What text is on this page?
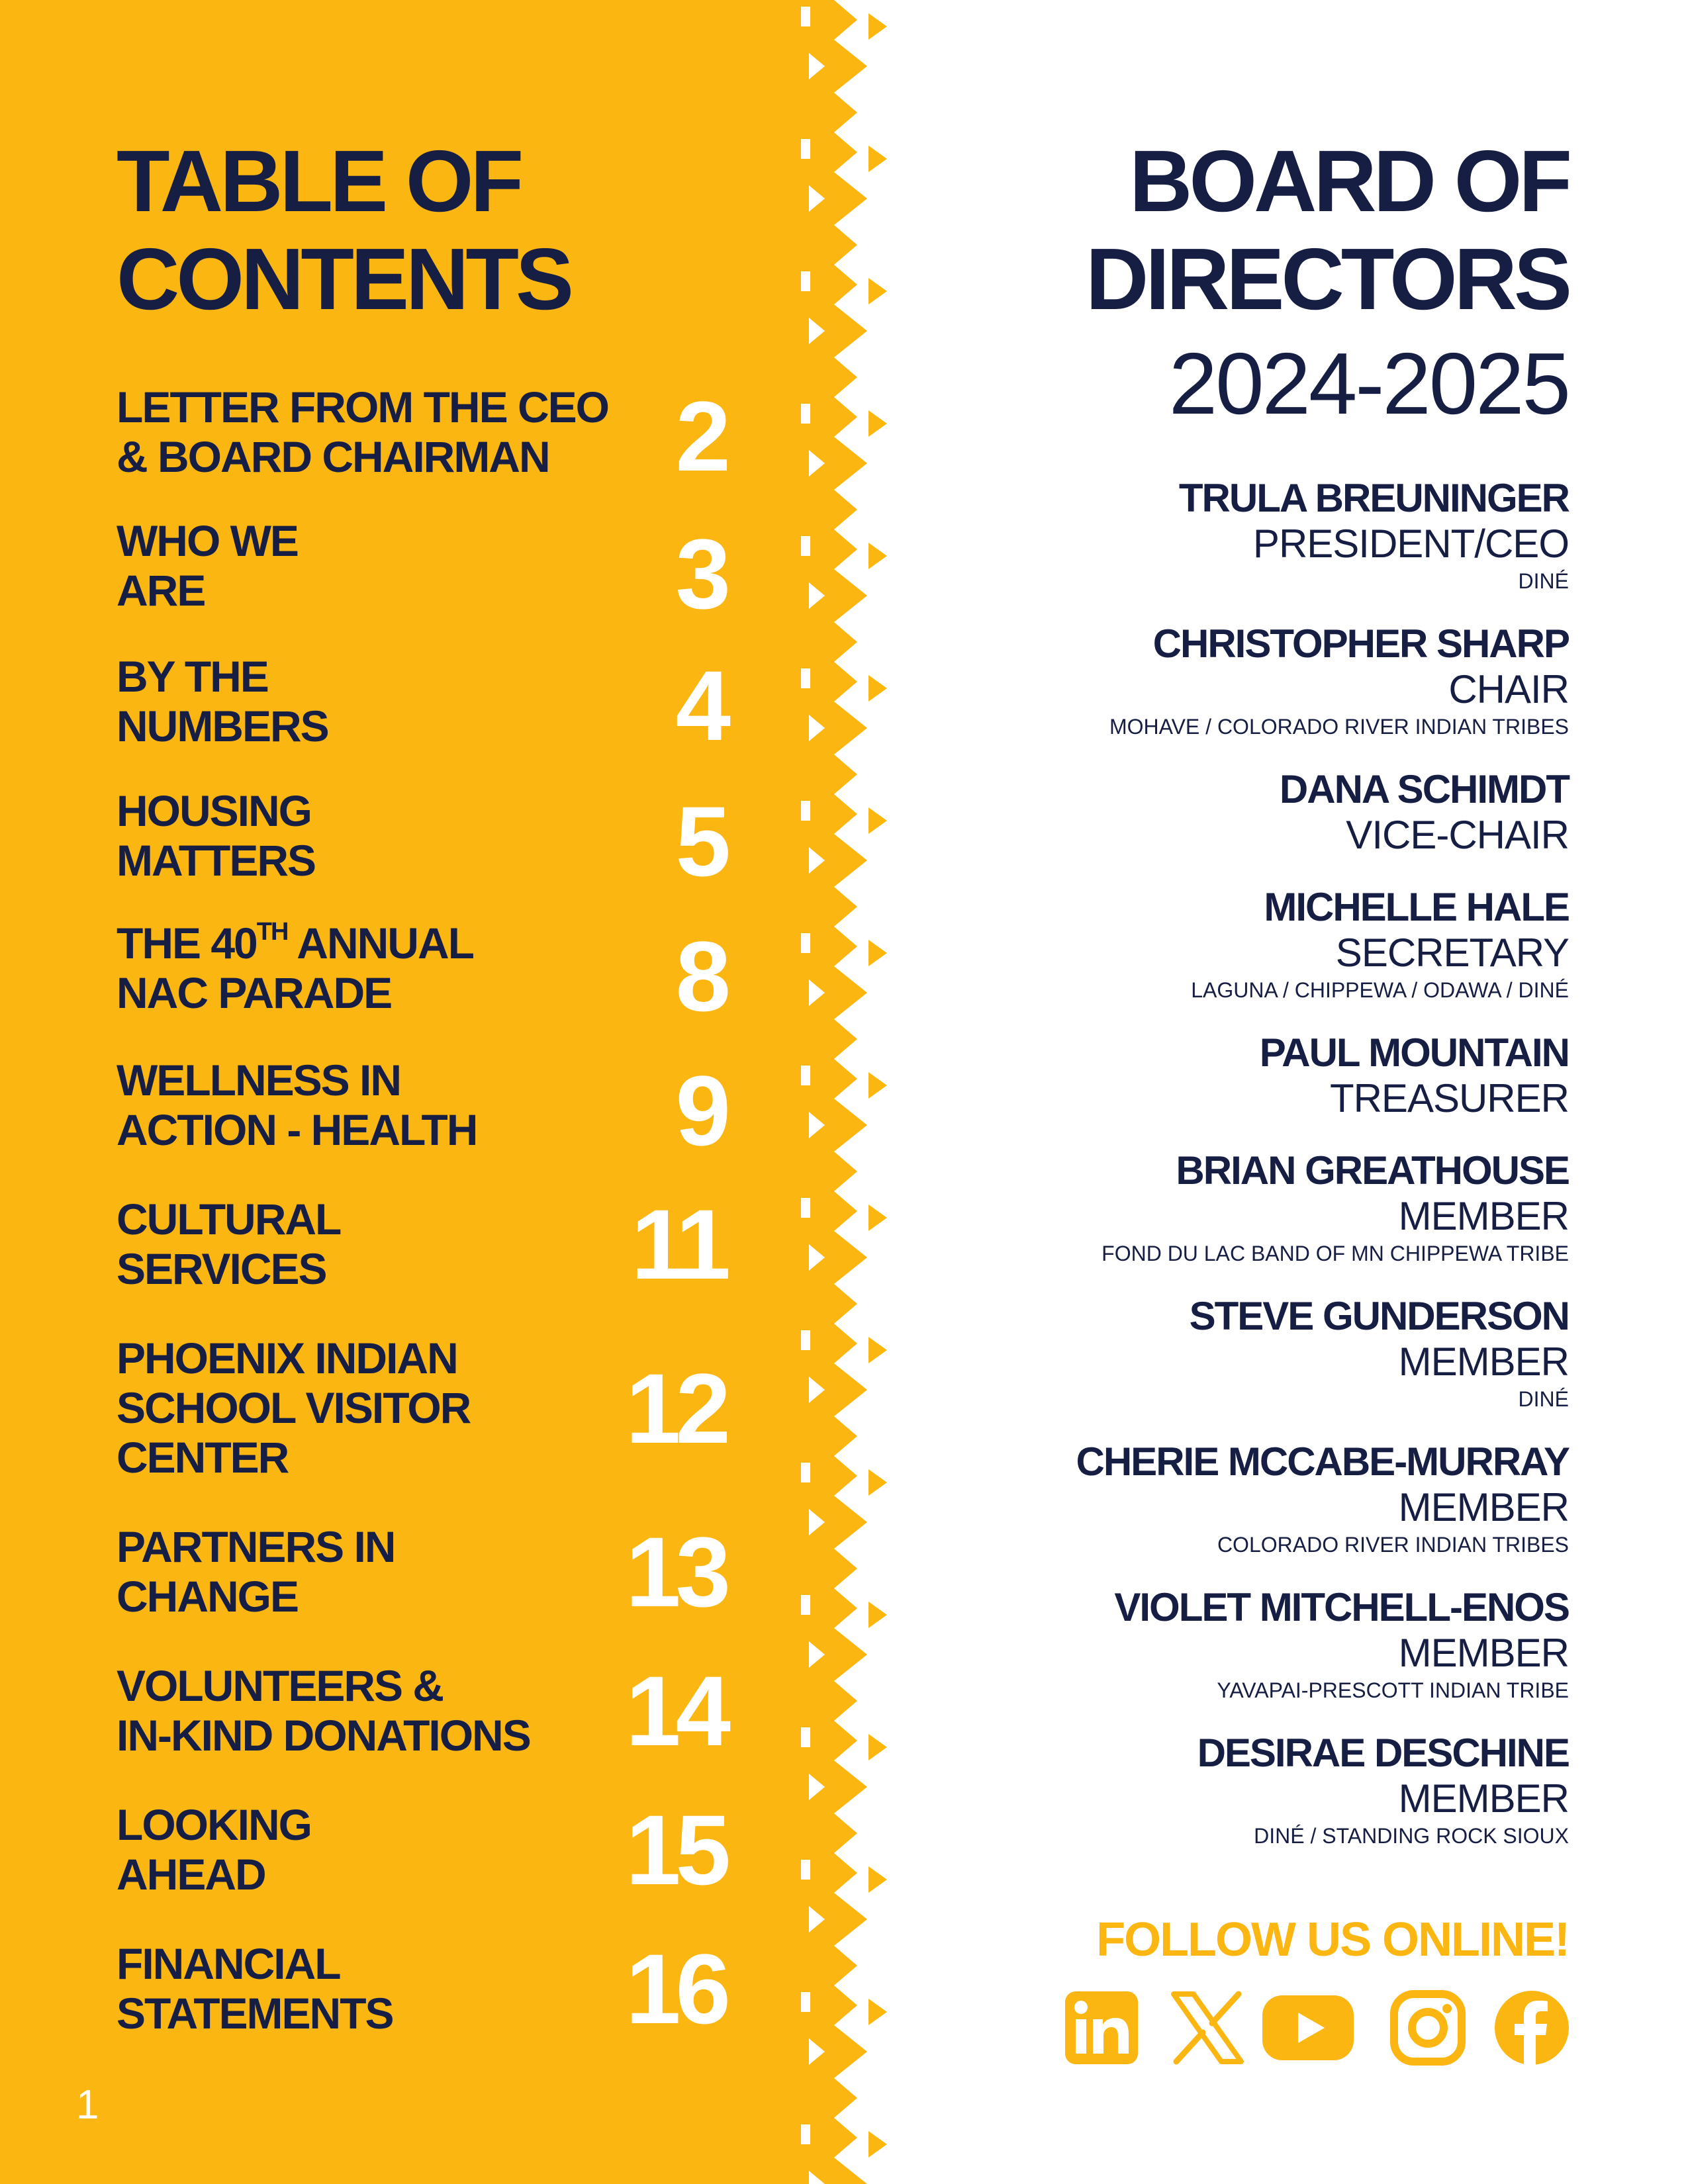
TABLE OF
CONTENTS
LETTER FROM THE CEO
& BOARD CHAIRMAN	2
WHO WE
ARE	3
BY THE
NUMBERS	4
HOUSING
MATTERS	5
THE 40TH ANNUAL
NAC PARADE	8
WELLNESS IN
ACTION - HEALTH	9
CULTURAL
SERVICES	11
PHOENIX INDIAN
SCHOOL VISITOR
CENTER	12
PARTNERS IN
CHANGE	13
VOLUNTEERS &
IN-KIND DONATIONS 14
LOOKING
AHEAD	15
FINANCIAL
STATEMENTS	16
1
BOARD OF
DIRECTORS
2024-2025
TRULA BREUNINGER
PRESIDENT/CEO
DINÉ
CHRISTOPHER SHARP
CHAIR
MOHAVE / COLORADO RIVER INDIAN TRIBES
DANA SCHIMDT
VICE-CHAIR
MICHELLE HALE
SECRETARY
LAGUNA / CHIPPEWA / ODAWA / DINÉ
PAUL MOUNTAIN
TREASURER
BRIAN GREATHOUSE
MEMBER
FOND DU LAC BAND OF MN CHIPPEWA TRIBE
STEVE GUNDERSON
MEMBER
DINÉ
CHERIE MCCABE-MURRAY
MEMBER
COLORADO RIVER INDIAN TRIBES
VIOLET MITCHELL-ENOS
MEMBER
YAVAPAI-PRESCOTT INDIAN TRIBE
DESIRAE DESCHINE
MEMBER
DINÉ / STANDING ROCK SIOUX
FOLLOW US ONLINE!
